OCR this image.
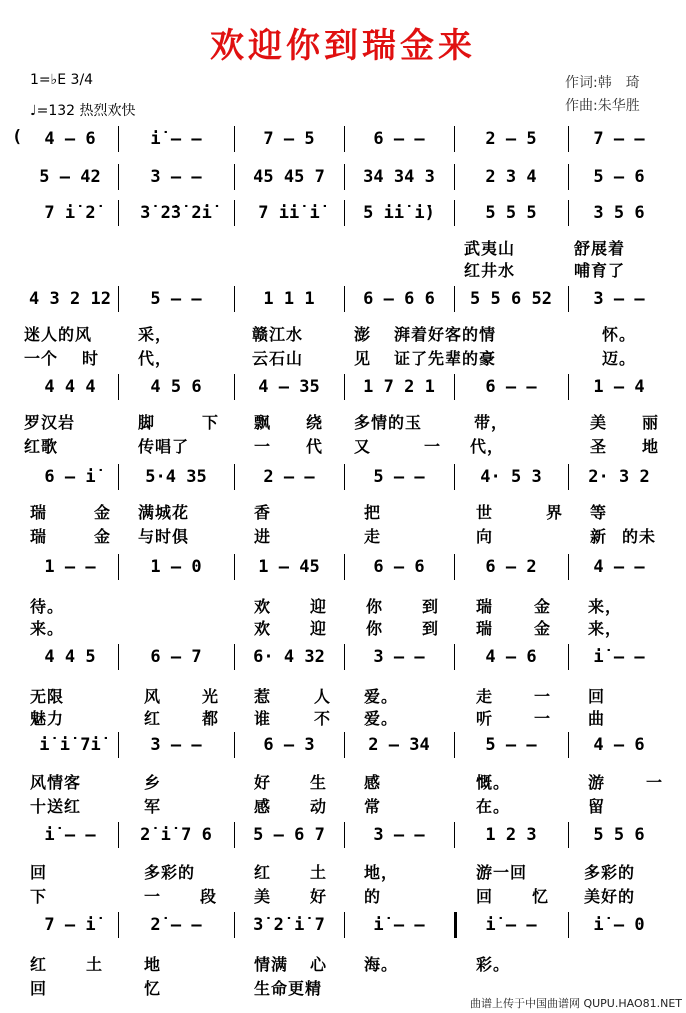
欢迎你到瑞金来
1=♭E 3/4
♩=132 热烈欢快
作词:韩　琦
作曲:朱华胜
(	4 – 6	i̇ – –	7 – 5	6 – –	2 – 5	7 – –
5 – 42	3 – –	45 45 7	34 34 3	2 3 4	5 – 6
7 i̇ 2̇	3̇ 2̇3̇ 2̇i̇	7 i̇i̇ i̇	5 i̇i̇ i̇)	5 5 5	3 5 6
4 3 2 12	5 – –	1 1 1	6 – 6 6	5 5 6 52	3 – –
4 4 4	4 5 6	4 – 35	1 7 2 1	6 – –	1 – 4
6 – i̇	5·4 35	2 – –	5 – –	4· 5 3	2· 3 2
1 – –	1 – 0	1 – 45	6 – 6	6 – 2	4 – –
4 4 5	6 – 7	6· 4 32	3 – –	4 – 6	i̇ – –
i̇ i̇ 7i̇	3 – –	6 – 3	2 – 34	5 – –	4 – 6
i̇ – –	2̇ i̇ 7 6	5 – 6 7	3 – –	1 2 3	5 5 6
7 – i̇	2̇ – –	3̇ 2̇ i̇ 7	i̇ – –	i̇ – –	i̇ – 0
武夷山	舒展着
红井水	哺育了
迷人的风	采，	赣江水	澎 湃着好客的情	怀。
一个 时 代，	云石山	见 证了先辈的豪	迈。
罗汉岩	脚	下 飘 绕 多情的玉	带，	美 丽
红歌	传唱了	一 代 又	一 代，	圣 地
瑞	金 满城花	香	把	世	界 等
瑞	金 与时俱	进	走	向	新 的未
待。	欢 迎 你 到 瑞	金 来，
来。	欢 迎 你 到 瑞	金 来，
无限	风	光 惹	人 爱。	走	一 回
魅力	红	都 谁	不 爱。	听	一 曲
风情客	乡	好 生 感	慨。	游	一
十送红	军	感 动 常	在。	留
回	多彩的	红 土 地，	游一回	多彩的
下	一 段 美 好 的	回 忆 美好的
红 土	地	情满 心 海。	彩。
回	忆	生命更精
曲谱上传于中国曲谱网 QUPU.HAO81.NET
